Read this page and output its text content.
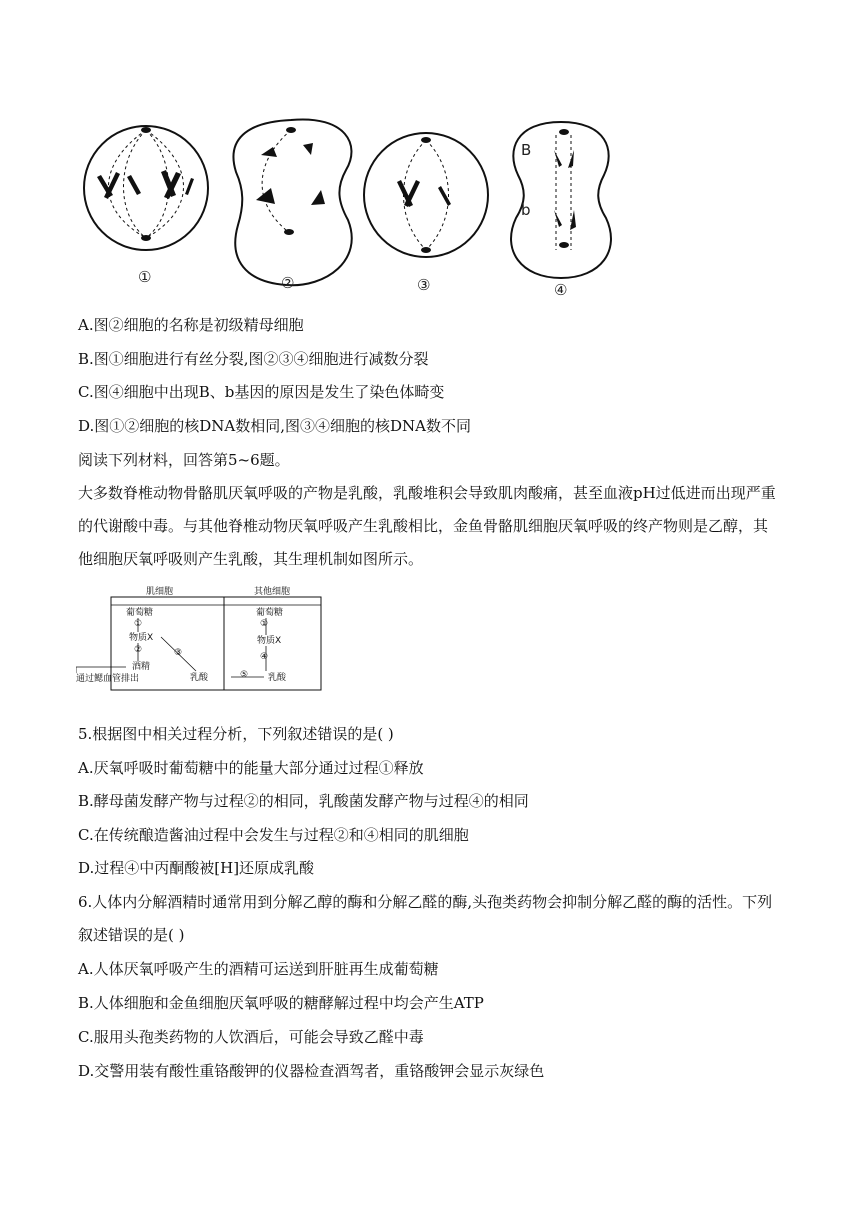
B
b
①	②	③	④
A.图②细胞的名称是初级精母细胞
B.图①细胞进行有丝分裂,图②③④细胞进行减数分裂
C.图④细胞中出现B、b基因的原因是发生了染色体畸变
D.图①②细胞的核DNA数相同,图③④细胞的核DNA数不同
阅读下列材料，回答第5~6题。
大多数脊椎动物骨骼肌厌氧呼吸的产物是乳酸，乳酸堆积会导致肌肉酸痛，甚至血液pH过低进而出现严重的代谢酸中毒。与其他脊椎动物厌氧呼吸产生乳酸相比，金鱼骨骼肌细胞厌氧呼吸的终产物则是乙醇，其他细胞厌氧呼吸则产生乳酸，其生理机制如图所示。
肌细胞	其他细胞
葡萄糖	葡萄糖
①	①
物质X	物质X
②	③	④
酒精
乳酸	⑤ 乳酸
通过鳃血管排出
5.根据图中相关过程分析，下列叙述错误的是( )
A.厌氧呼吸时葡萄糖中的能量大部分通过过程①释放
B.酵母菌发酵产物与过程②的相同，乳酸菌发酵产物与过程④的相同
C.在传统酿造酱油过程中会发生与过程②和④相同的肌细胞
D.过程④中丙酮酸被[H]还原成乳酸
6.人体内分解酒精时通常用到分解乙醇的酶和分解乙醛的酶,头孢类药物会抑制分解乙醛的酶的活性。下列叙述错误的是( )
A.人体厌氧呼吸产生的酒精可运送到肝脏再生成葡萄糖
B.人体细胞和金鱼细胞厌氧呼吸的糖酵解过程中均会产生ATP
C.服用头孢类药物的人饮酒后，可能会导致乙醛中毒
D.交警用装有酸性重铬酸钾的仪器检查酒驾者，重铬酸钾会显示灰绿色
